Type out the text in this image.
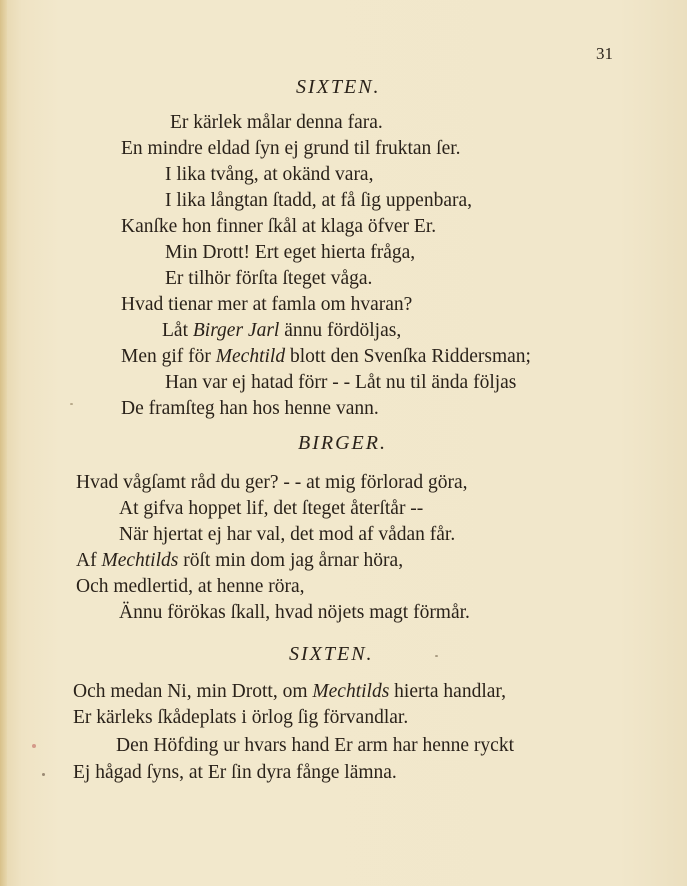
31
SIXTEN.
Er kärlek målar denna fara.
En mindre eldad ſyn ej grund til fruktan ſer.
I lika tvång, at okänd vara,
I lika långtan ſtadd, at få ſig uppenbara,
Kanſke hon finner ſkål at klaga öfver Er.
Min Drott! Ert eget hierta fråga,
Er tilhör förſta ſteget våga.
Hvad tienar mer at famla om hvaran?
Låt Birger Jarl ännu fördöljas,
Men gif för Mechtild blott den Svenſka Riddersman;
Han var ej hatad förr - - Låt nu til ända följas
De framſteg han hos henne vann.
BIRGER.
Hvad vågſamt råd du ger? - - at mig förlorad göra,
At gifva hoppet lif, det ſteget återſtår --
När hjertat ej har val, det mod af vådan får.
Af Mechtilds röſt min dom jag årnar höra,
Och medlertid, at henne röra,
Ännu förökas ſkall, hvad nöjets magt förmår.
SIXTEN.
Och medan Ni, min Drott, om Mechtilds hierta handlar,
Er kärleks ſkådeplats i örlog ſig förvandlar.
Den Höfding ur hvars hand Er arm har henne ryckt
Ej hågad ſyns, at Er ſin dyra fånge lämna.
